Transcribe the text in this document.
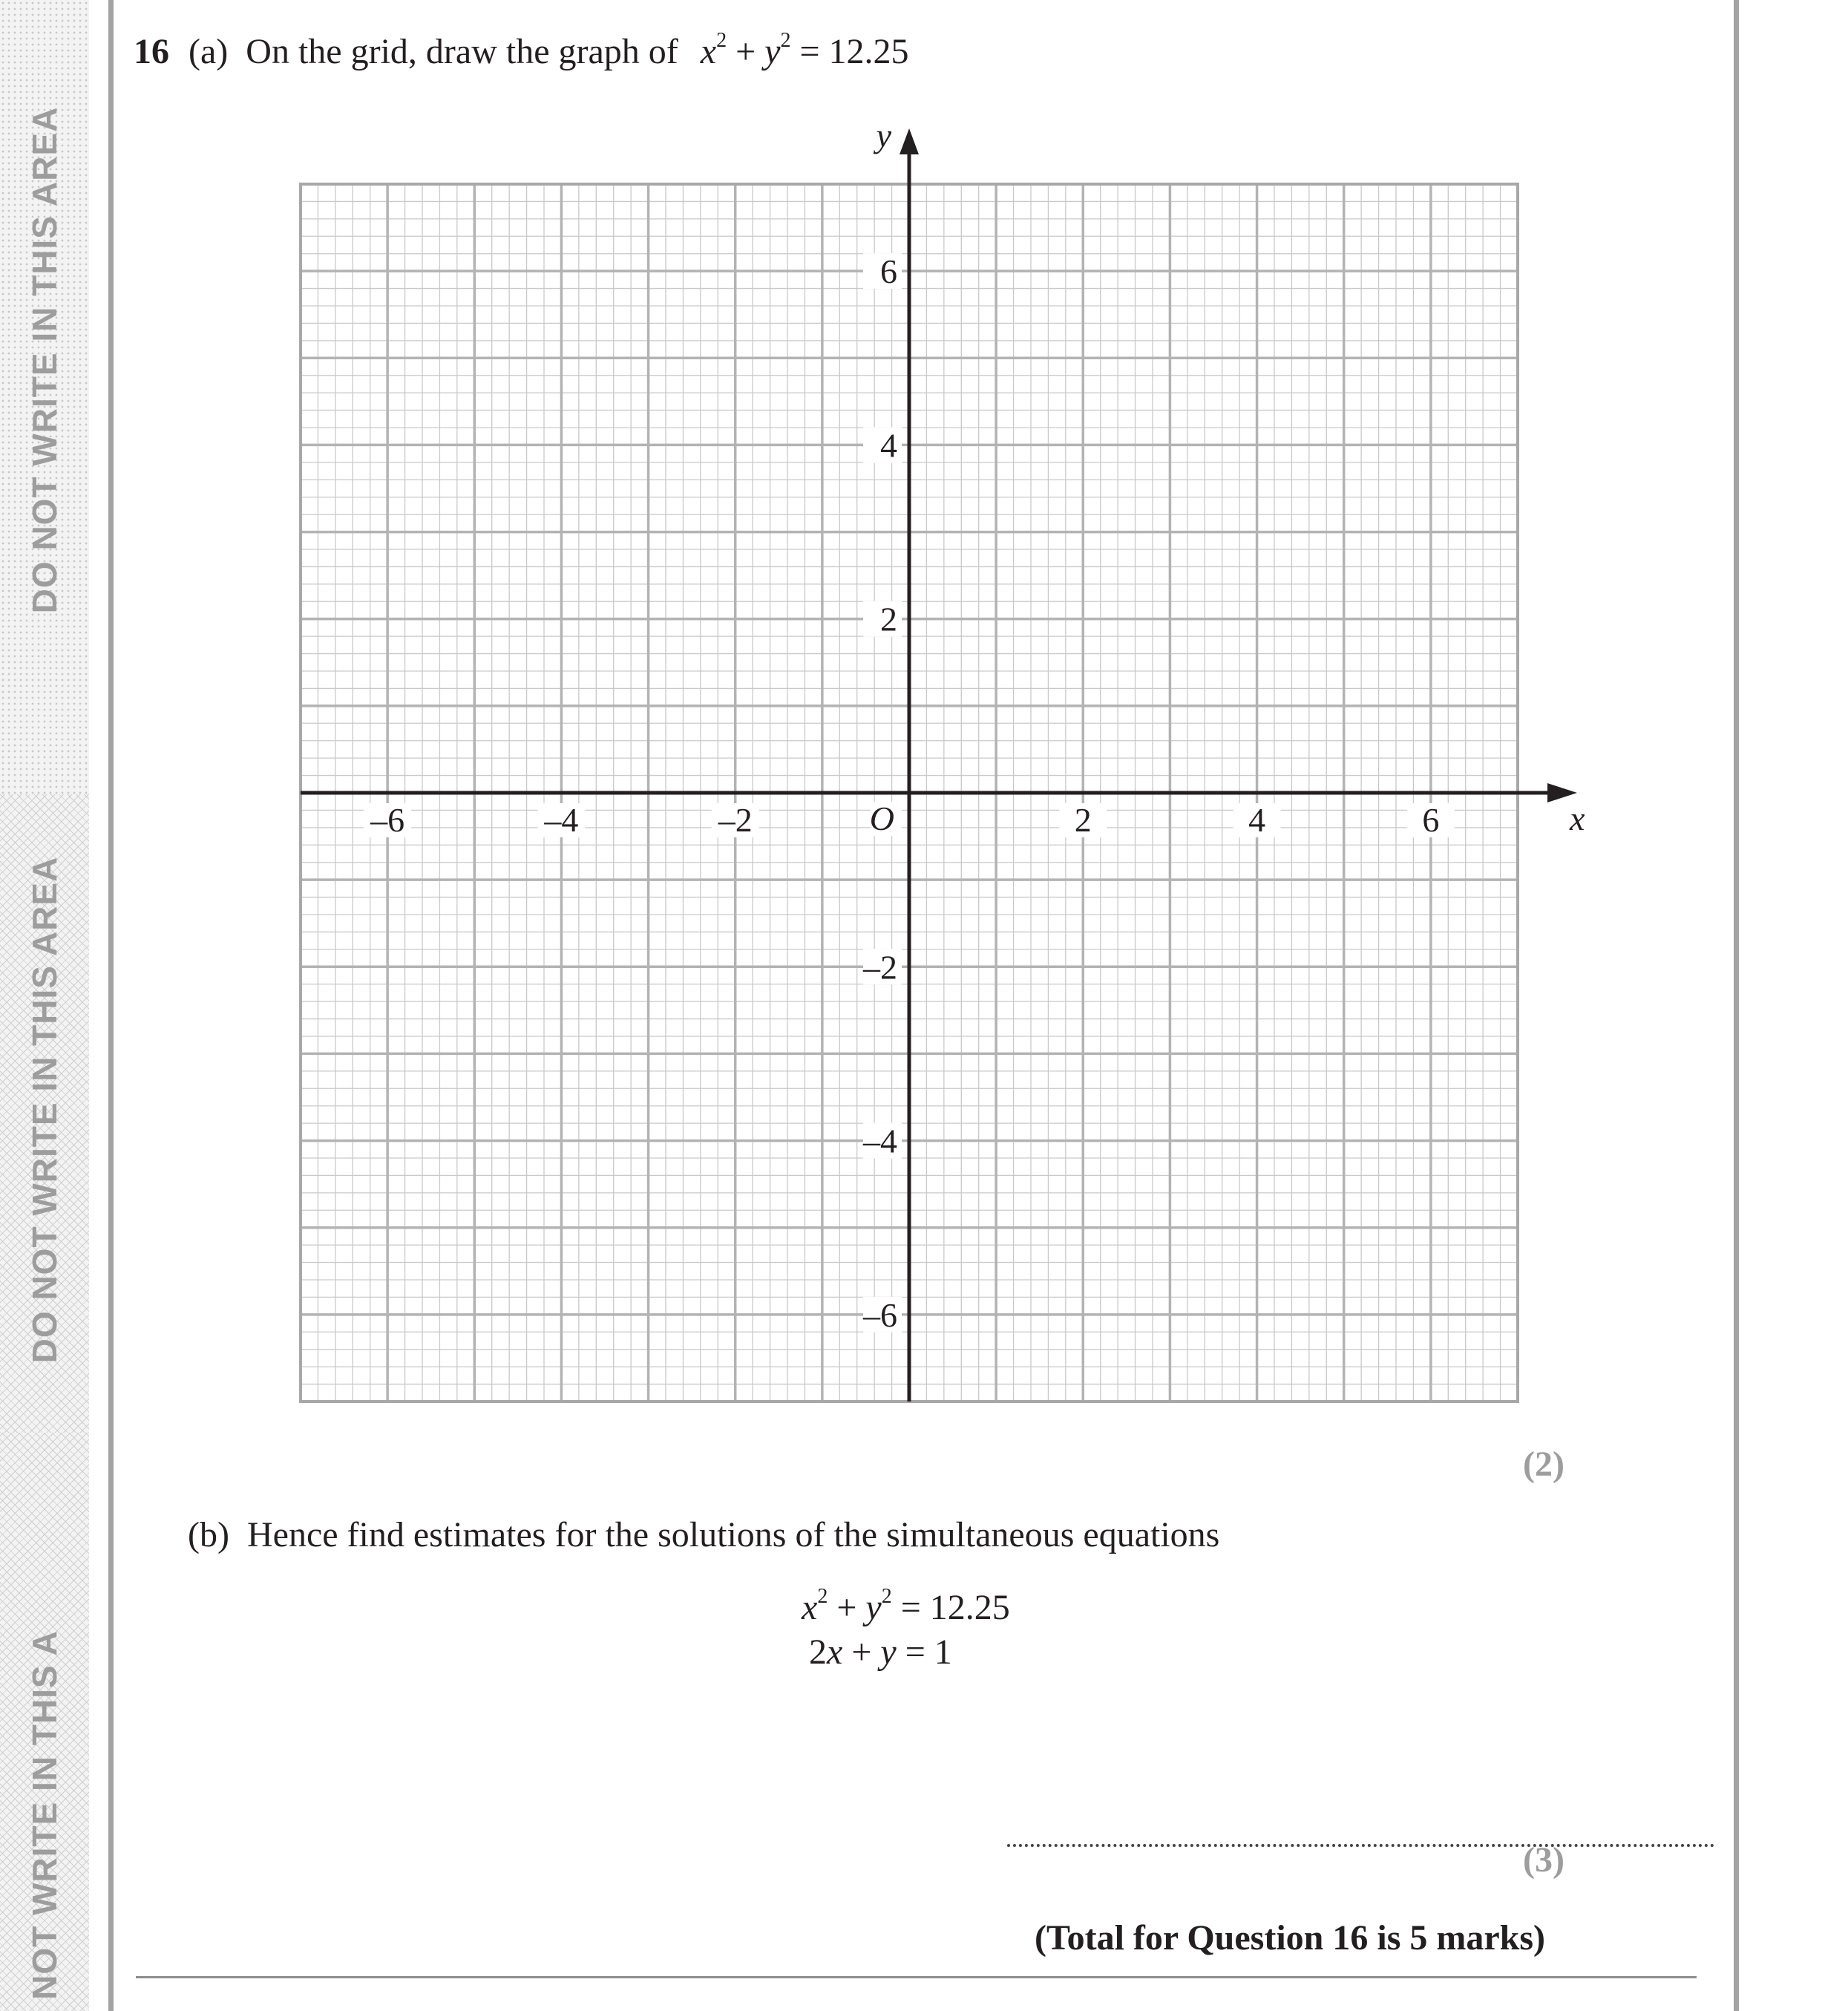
DO NOT WRITE IN THIS AREA
DO NOT WRITE IN THIS AREA
NOT WRITE IN THIS A
16 (a) On the grid, draw the graph of $x^2 + y^2 = 12.25$
–6	–4	–2	2	4	6
6
4
2
–2
–4
–6
O	x
y
(2)
(b) Hence find estimates for the solutions of the simultaneous equations
$x^2 + y^2 = 12.25$
2x + y = 1
(3)
(Total for Question 16 is 5 marks)
